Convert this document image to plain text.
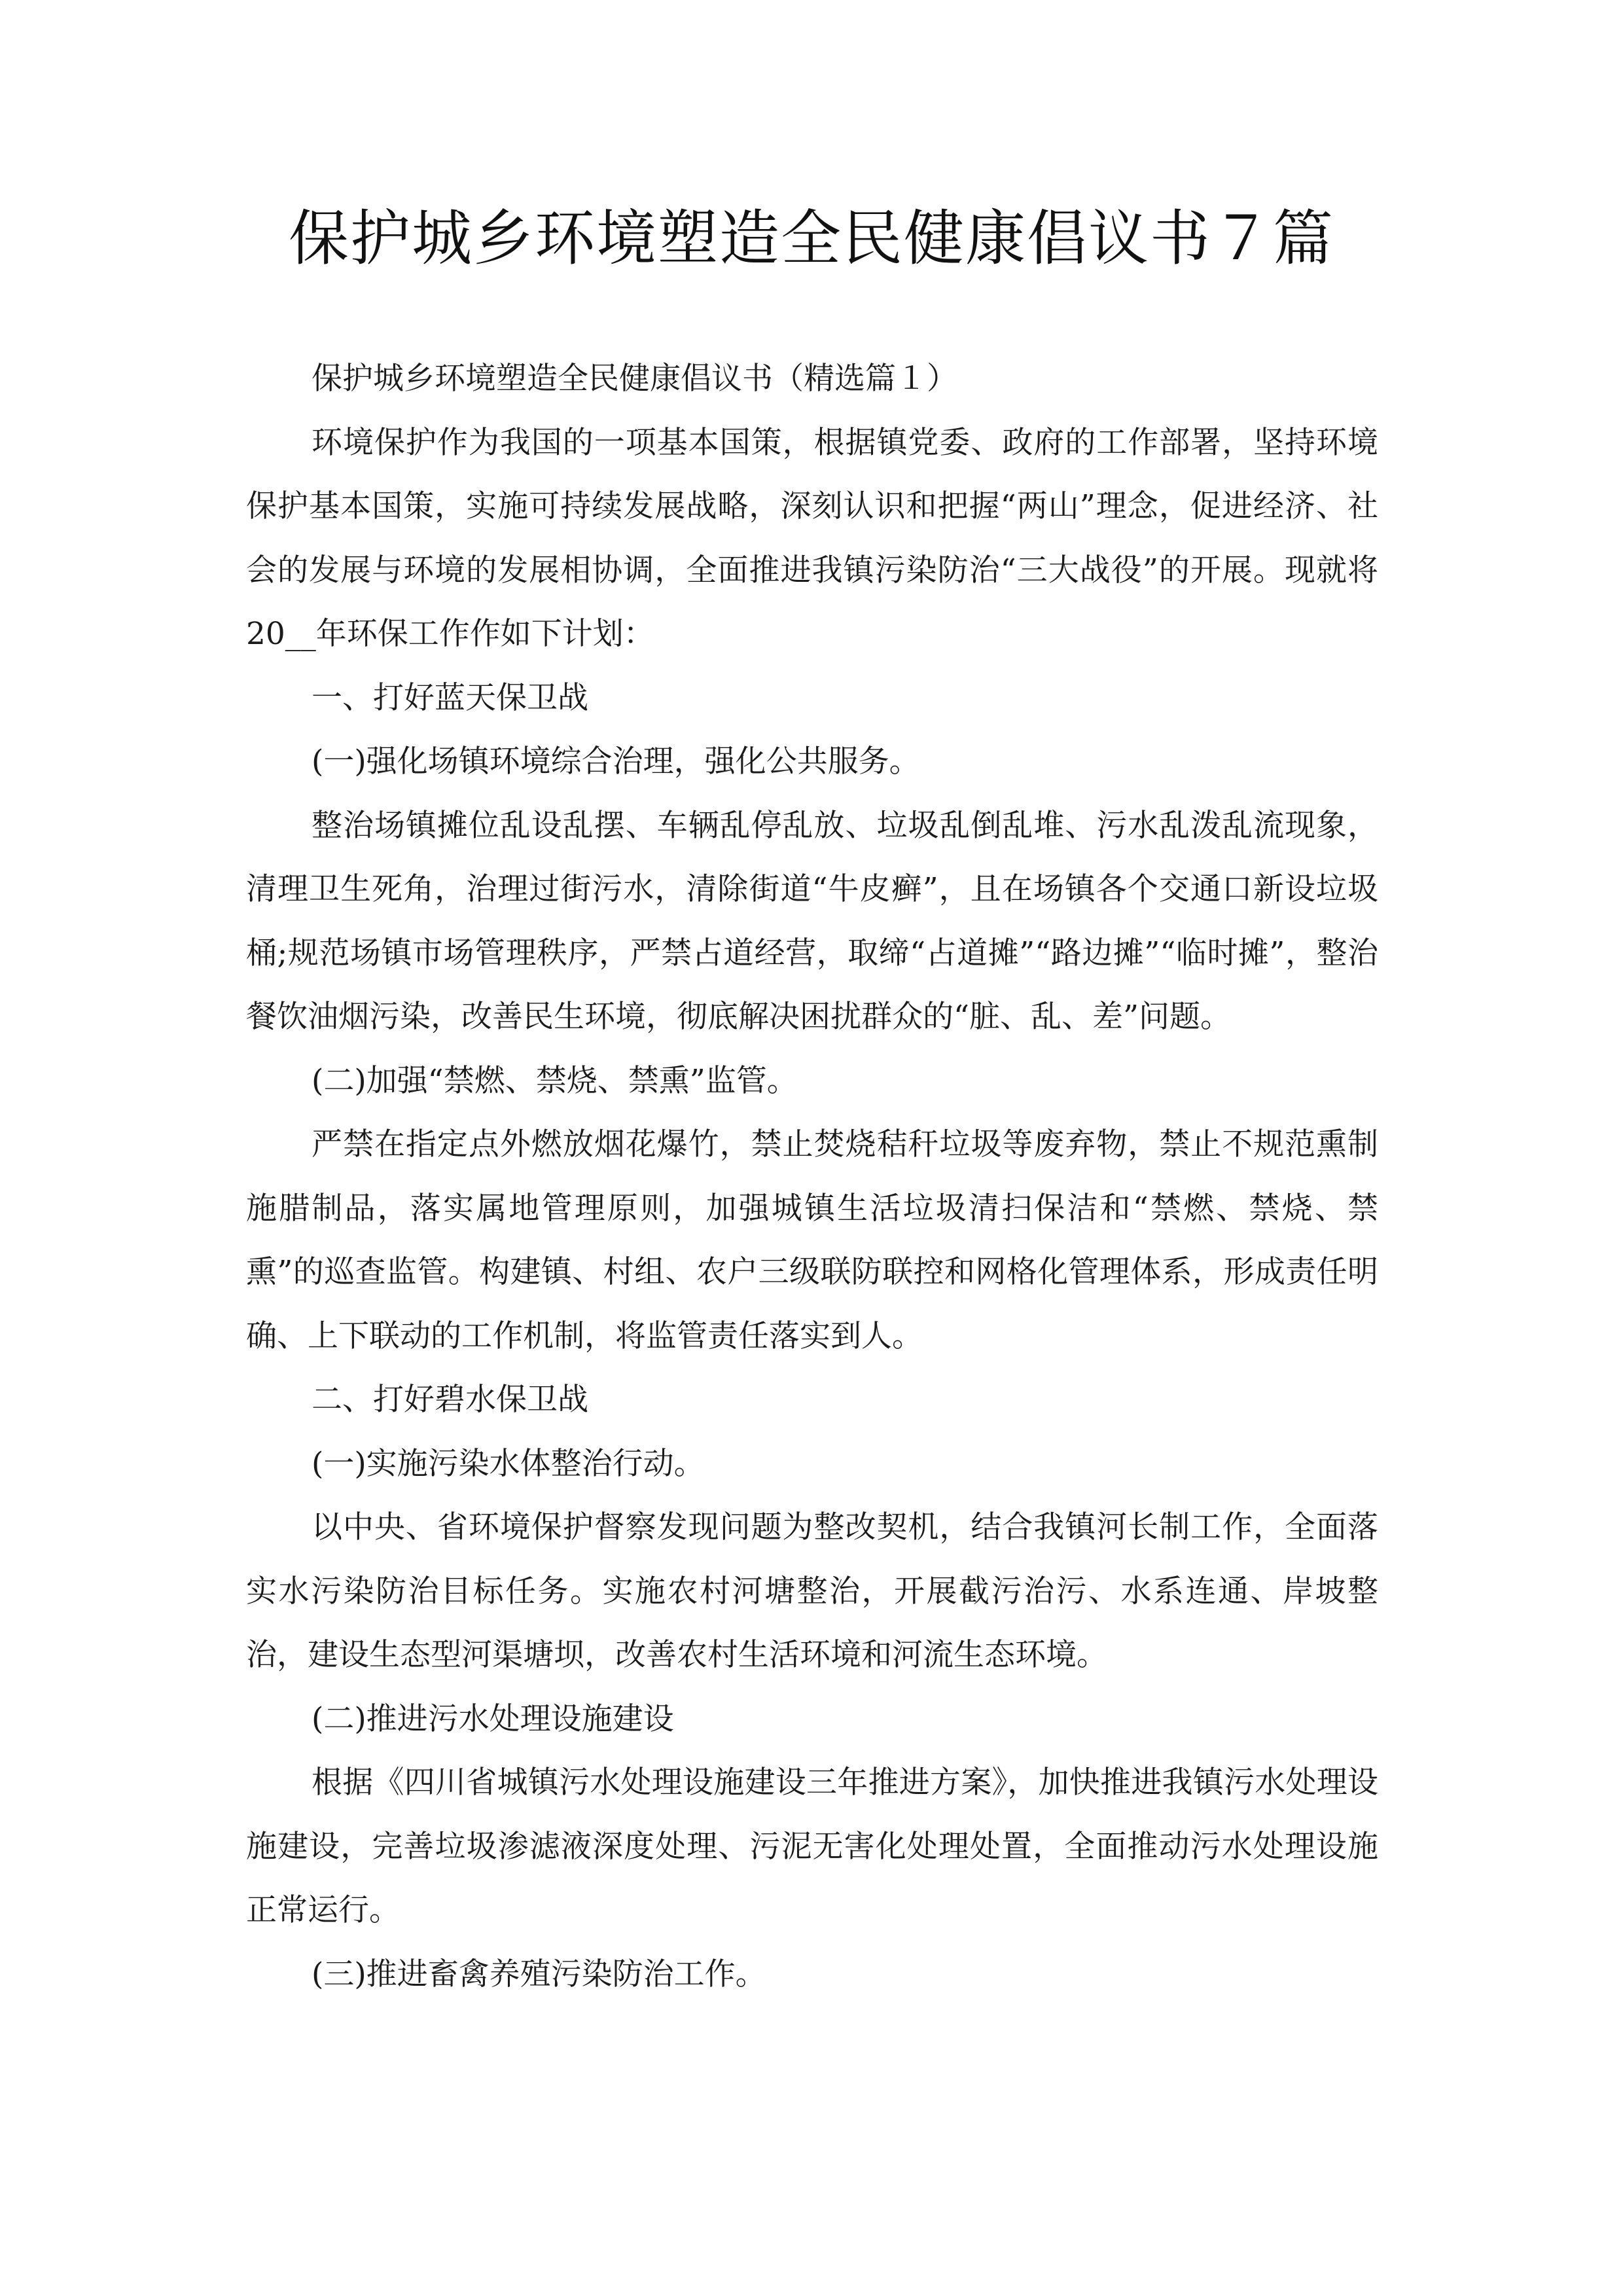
保护城乡环境塑造全民健康倡议书７篇

保护城乡环境塑造全民健康倡议书（精选篇１）

环境保护作为我国的一项基本国策，根据镇党委、政府的工作部署，坚持环境保护基本国策，实施可持续发展战略，深刻认识和把握“两山”理念，促进经济、社会的发展与环境的发展相协调，全面推进我镇污染防治“三大战役”的开展。现就将20__年环保工作作如下计划：

一、打好蓝天保卫战

(一)强化场镇环境综合治理，强化公共服务。

整治场镇摊位乱设乱摆、车辆乱停乱放、垃圾乱倒乱堆、污水乱泼乱流现象，清理卫生死角，治理过街污水，清除街道“牛皮癣”，且在场镇各个交通口新设垃圾桶;规范场镇市场管理秩序，严禁占道经营，取缔“占道摊”“路边摊”“临时摊”，整治餐饮油烟污染，改善民生环境，彻底解决困扰群众的“脏、乱、差”问题。

(二)加强“禁燃、禁烧、禁熏”监管。

严禁在指定点外燃放烟花爆竹，禁止焚烧秸秆垃圾等废弃物，禁止不规范熏制施腊制品，落实属地管理原则，加强城镇生活垃圾清扫保洁和“禁燃、禁烧、禁熏”的巡查监管。构建镇、村组、农户三级联防联控和网格化管理体系，形成责任明确、上下联动的工作机制，将监管责任落实到人。

二、打好碧水保卫战

(一)实施污染水体整治行动。

以中央、省环境保护督察发现问题为整改契机，结合我镇河长制工作，全面落实水污染防治目标任务。实施农村河塘整治，开展截污治污、水系连通、岸坡整治，建设生态型河渠塘坝，改善农村生活环境和河流生态环境。

(二)推进污水处理设施建设

根据《四川省城镇污水处理设施建设三年推进方案》，加快推进我镇污水处理设施建设，完善垃圾渗滤液深度处理、污泥无害化处理处置，全面推动污水处理设施正常运行。

(三)推进畜禽养殖污染防治工作。
